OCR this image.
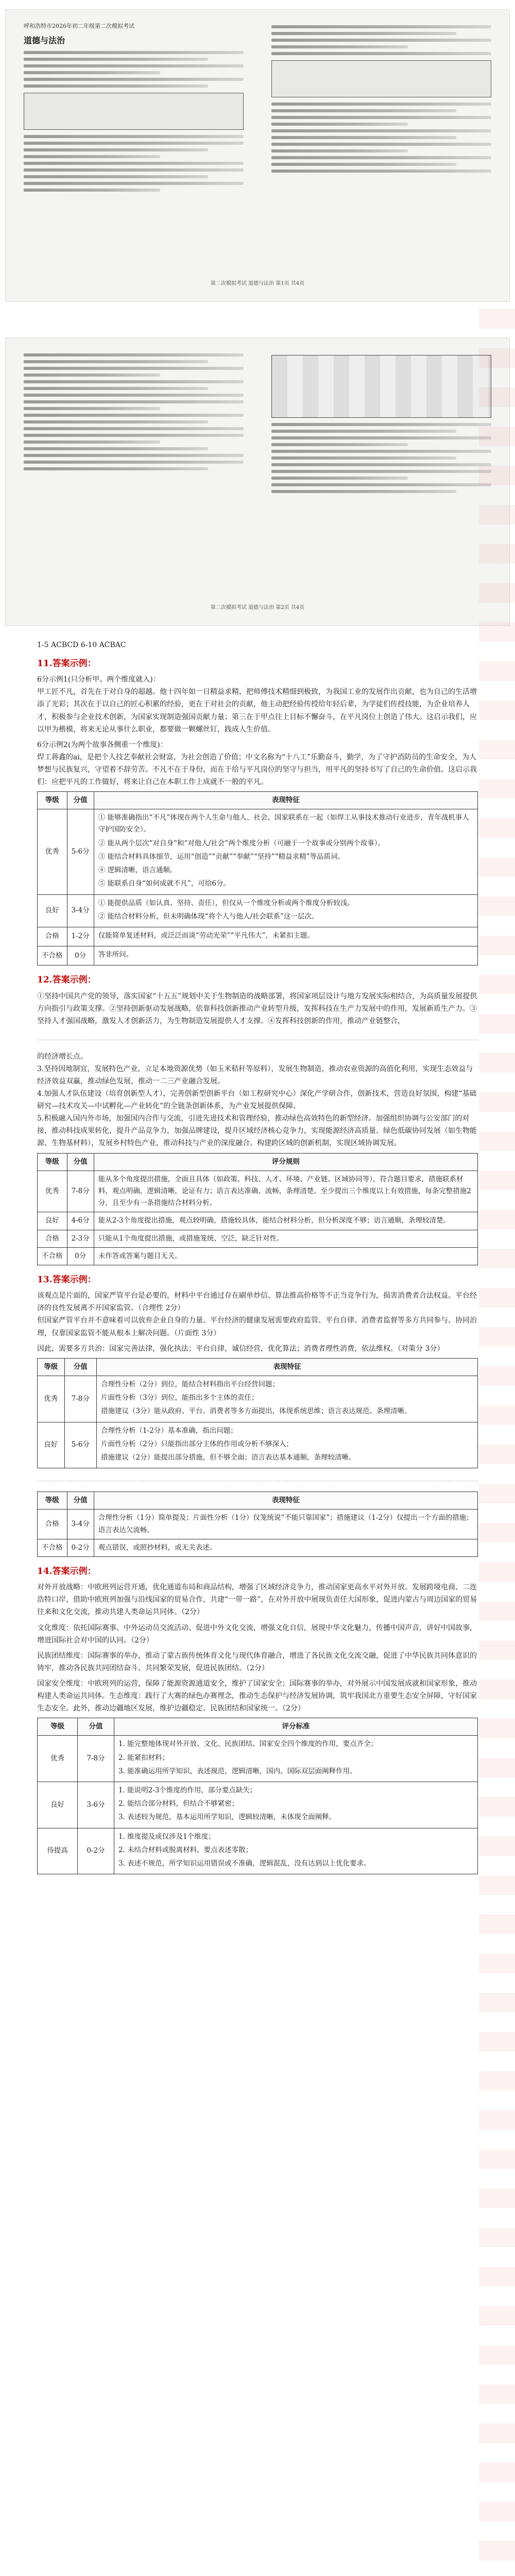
呼和浩特市2026年初二年级第二次模拟考试
道德与法治
第二次模拟考试 道德与法治 第1页 共4页
第二次模拟考试 道德与法治 第2页 共4页

1-5 ACBCD 6-10 ACBAC

11.答案示例：

6分示例1(只分析甲、两个维度就入)：
甲工匠不凡，首先在于对自身的超越。他十四年如一日精益求精，把师傅技术精细到极致，为我国工业的发展作出贡献，也为自己的生活增添了光彩；其次在于以自己的匠心积累的经验，更在于对社会的贡献，他主动把经验传授给年轻后辈，为学徒们传授技能，为企业培养人才，积极参与企业技术创新，为国家实现制造强国贡献力量；第三在于甲点往上目标不懈奋斗，在平凡岗位上创造了伟大。这启示我们，应以甲为楷模，将来无论从事什么职业，都要做一颗螺丝钉，践成人生价值。

6分示例2(为两个故事各侧重一个维度)：
焊工蒋鑫的ai，是把个人技艺奉献社会财富，为社会创造了价值；中文名称为“十八工”乐勤奋斗，勤学，为了守护消防员的生命安全，为人梦想与民族复兴，守望着不辞劳苦。不凡不在于身份，而在于给与平凡岗位的坚守与担当，用平凡的坚持书写了自己的生命价值。这启示我们：应把平凡的工作做好，将来让自己在本职工作上成就不一般的平凡。

等级	分值	表现特征
优秀	5-6分	① 能够准确指出“不凡”体现在两个人生命与他人、社会、国家联系在一起（如焊工从事技术推动行业进步，青年战机事人守护国防安全）。

② 能从两个层次“对自身”和“对他人/社会”两个维度分析（可融于一个故事或分别两个故事）。

③ 能结合材料具体细节，运用“创造”“贡献”“奉献”“坚持”“精益求精”等品质词。

④ 逻辑清晰，语言通顺。

⑤ 能联系自身“如何成就不凡”，可给6分。

良好	3-4分	① 能提供品质（如认真、坚持、责任），但仅从一个维度分析或两个维度分析较浅。

② 能结合材料分析，但未明确体现“将个人与他人/社会联系”这一层次。

合格	1-2分	仅能简单复述材料，或泛泛而谈“劳动光荣”“平凡伟大”，未紧扣主题。

不合格	0分	答非所问。

12.答案示例：

①坚持中国共产党的领导，落实国家“十五五”规划中关于生物制造的战略部署，将国家项层设计与地方发展实际相结合，为高质量发展提供方向指引与政策支撑。②坚持创新驱动发展战略，依靠科技创新推动产业转型升级，发挥科技在生产力发展中的作用，发展新质生产力。③坚持人才强国战略，激发人才创新活力，为生物制造发展提供人才支撑。④发挥科技创新的作用，推动产业链整合，

的经济增长点。
3.坚持因地制宜，发展特色产业，立足本地资源优势（如玉米秸秆等原料），发展生物制造，推动农业资源的高值化利用，实现生态效益与经济效益双赢，推动绿色发展，推动一二三产业融合发展。
4.加强人才队伍建设（培育创新型人才），完善创新型创新平台（如工程研究中心）深化产学研合作，创新技术，营造良好氛围，构建“基础研究—技术攻关—中试孵化—产业转化”的全链条创新体系，为产业发展提供保障。
5.积极融入国内外市场，加强国内合作与交流，引进先进技术和管理经验，推动绿色高效特色的新型经济。加强组织协调与公安部门的对接，推动科技成果转化，提升产品竞争力，加强品牌建设，提升区域经济核心竞争力，实现能源经济高质量、绿色低碳协同发展（如生物能源、生物基材料），发展乡村特色产业，推动科技与产业的深度融合。构建跨区域的创新机制，实现区域协调发展。

等级	分值	评分规则
优秀	7-8分	能从多个角度提出措施，全面且具体（如政策、科技、人才、环境、产业链、区域协同等），符合题目要求，措施联系材料，观点明确，逻辑清晰，论证有力；语言表达准确、流畅，条理清楚。至少提出三个维度以上有效措施，每条完整措施2分，且至少有一条措施结合材料分析。
良好	4-6分	能从2-3个角度提出措施，观点较明确，措施较具体，能结合材料分析，但分析深度不够；语言通顺，条理较清楚。
合格	2-3分	只能从1个角度提出措施，或措施笼统、空泛，缺乏针对性。
不合格	0分	未作答或答案与题目无关。
13.答案示例：

该观点是片面的，国家严管平台是必要的，材料中平台通过存在刷单炒信、算法推高价格等不正当竞争行为，损害消费者合法权益。平台经济的良性发展离不开国家监管。（合理性 2分）
但国家严管平台并不意味着可以放弃企业自身的力量。平台经济的健康发展需要政府监管、平台自律、消费者监督等多方共同参与、协同治理，仅靠国家监管不能从根本上解决问题。（片面性 3分）

因此，需要多方共治：国家完善法律，强化执法；平台自律，诚信经营，优化算法；消费者理性消费，依法维权。（对策分 3分）

等级	分值	表现特征
优秀	7-8分	合理性分析（2分）到位，能结合材料指出平台经营问题；

片面性分析（3分）到位，能指出多个主体的责任；

措施建议（3分）能从政府、平台、消费者等多方面提出，体现系统思维；语言表达规范、条理清晰。

良好	5-6分	合理性分析（1-2分）基本准确，指出问题；

片面性分析（2分）只能指出部分主体的作用或分析不够深入；

措施建议（2分）能提出部分措施，但不够全面；语言表达基本通顺，条理较清晰。

等级	分值	表现特征
合格	3-4分	合理性分析（1分）简单提及；片面性分析（1分）仅笼统说“不能只靠国家”；措施建议（1-2分）仅提出一个方面的措施；语言表达欠流畅。
不合格	0-2分	观点错误，或照抄材料，或无关表述。
14.答案示例：

对外开放战略：中欧班列运营开通，优化通道布局和商品结构，增强了区域经济竞争力，推动国家更高水平对外开放。发展跨境电商、二连浩特口岸，借助中欧班列加强与沿线国家的贸易合作，共建“一带一路”，在对外开放中展现负责任大国形象，促进内蒙古与周边国家的贸易往来和文化交流，推动共建人类命运共同体。（2分）

文化维度：依托国际赛事、中外运动员交流活动、促进中外文化交流，增强文化自信，展现中华文化魅力，传播中国声音，讲好中国故事，增进国际社会对中国的认同。（2分）

民族团结维度：国际赛事的举办，推动了蒙古族传统体育文化与现代体育融合，增进了各民族文化交流交融，促进了中华民族共同体意识的铸牢，推动各民族共同团结奋斗、共同繁荣发展，促进民族团结。（2分）

国家安全维度：中欧班列的运营，保障了能源资源通道安全，维护了国家安全；国际赛事的举办，对外展示中国发展成就和国家形象，推动构建人类命运共同体。生态维度：践行了大赛的绿色办赛理念，推动生态保护与经济发展协调，筑牢我国北方重要生态安全屏障，守好国家生态安全。此外，推动边疆地区发展，维护边疆稳定、民族团结和国家统一。（2分）

等级	分值	评分标准
优秀	7-8分	1. 能完整地体现对外开放、文化、民族团结、国家安全四个维度的作用，要点齐全；

2. 能紧扣材料；

3. 能准确运用所学知识，表述规范，逻辑清晰，国内、国际双层面阐释作用。

良好	3-6分	1. 能说明2-3个维度的作用，部分要点缺失；

2. 能结合部分材料，但结合不够紧密；

3. 表述较为规范，基本运用所学知识，逻辑较清晰，未体现全面阐释。

待提高	0-2分	1. 维度提及或仅涉及1个维度；

2. 未结合材料或脱离材料，要点表述零散；

3. 表述不规范，所学知识运用错误或不准确，逻辑混乱，没有达到以上优化要求。
